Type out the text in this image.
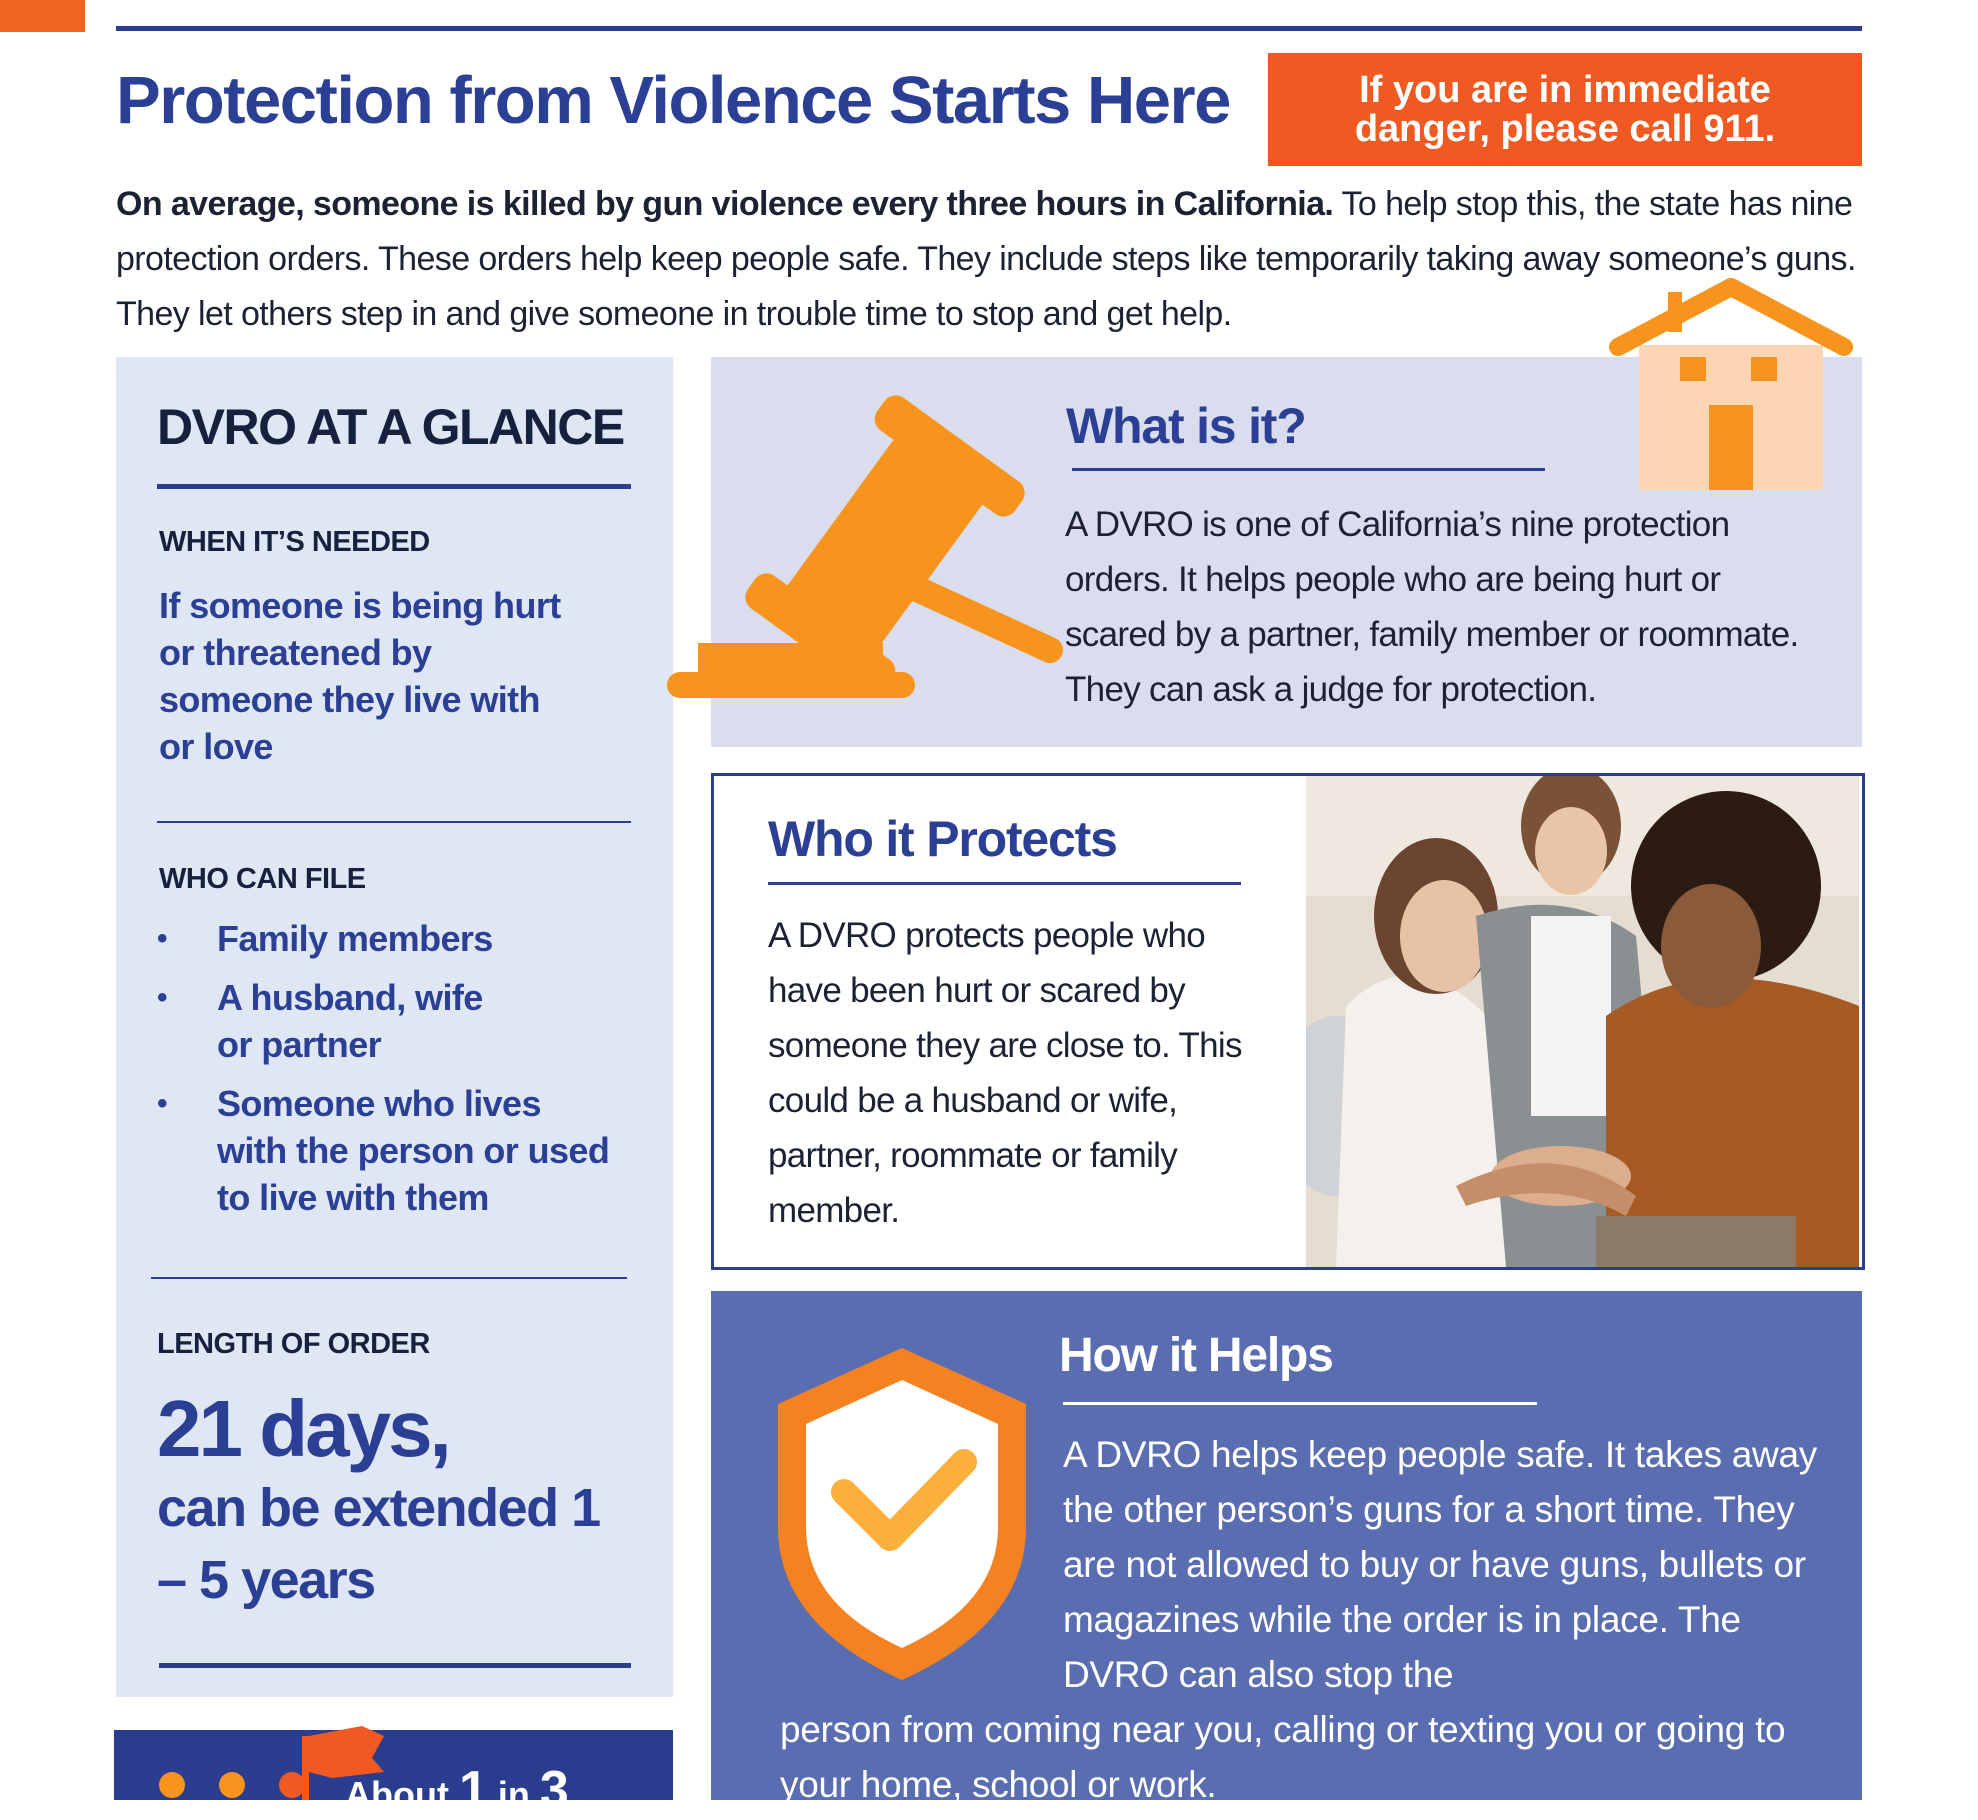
Protection from Violence Starts Here	If you are in immediate
danger, please call 911.
On average, someone is killed by gun violence every three hours in California. To help stop this, the state has nine protection orders. These orders help keep people safe. They include steps like temporarily taking away someone’s guns. They let others step in and give someone in trouble time to stop and get help.
DVRO AT A GLANCE
WHEN IT’S NEEDED
If someone is being hurt or threatened by someone they live with or love
WHO CAN FILE
• Family members
• A husband, wife or partner
• Someone who lives with the person or used to live with them
LENGTH OF ORDER
21 days,
can be extended 1 – 5 years
About 1 in 3
What is it?
A DVRO is one of California’s nine protection orders. It helps people who are being hurt or scared by a partner, family member or roommate. They can ask a judge for protection.
Who it Protects
A DVRO protects people who have been hurt or scared by someone they are close to. This could be a husband or wife, partner, roommate or family member.
How it Helps
A DVRO helps keep people safe. It takes away the other person’s guns for a short time. They are not allowed to buy or have guns, bullets or magazines while the order is in place. The DVRO can also stop the
person from coming near you, calling or texting you or going to your home, school or work.
